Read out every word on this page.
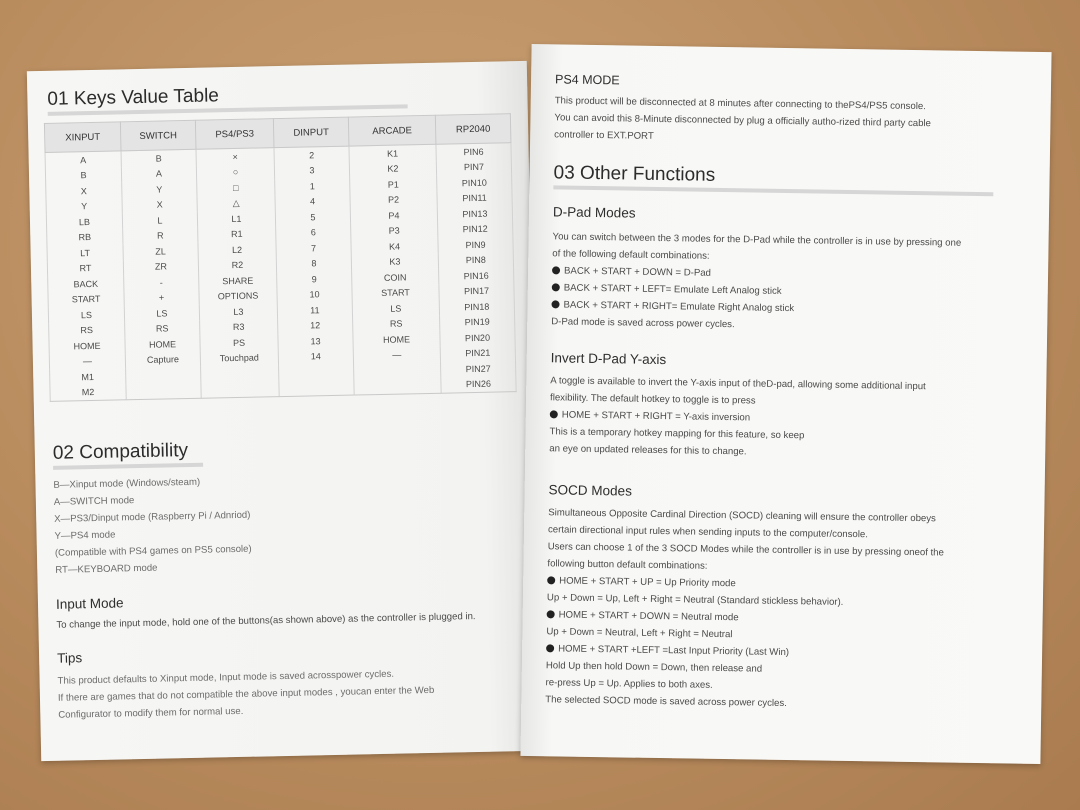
01 Keys Value Table
XINPUT	SWITCH	PS4/PS3	DINPUT	ARCADE	RP2040
A	B	×	2	K1	PIN6
B	A	○	3	K2	PIN7
X	Y	□	1	P1	PIN10
Y	X	△	4	P2	PIN11
LB	L	L1	5	P4	PIN13
RB	R	R1	6	P3	PIN12
LT	ZL	L2	7	K4	PIN9
RT	ZR	R2	8	K3	PIN8
BACK	-	SHARE	9	COIN	PIN16
START	+	OPTIONS	10	START	PIN17
LS	LS	L3	11	LS	PIN18
RS	RS	R3	12	RS	PIN19
HOME	HOME	PS	13	HOME	PIN20
—	Capture	Touchpad	14	—	PIN21
M1					PIN27
M2					PIN26
02 Compatibility
B—Xinput mode (Windows/steam)
A—SWITCH mode
X—PS3/Dinput mode (Raspberry Pi / Adnriod)
Y—PS4 mode
(Compatible with PS4 games on PS5 console)
RT—KEYBOARD mode
Input Mode
To change the input mode, hold one of the buttons(as shown above) as the controller is plugged in.
Tips
This product defaults to Xinput mode, Input mode is saved acrosspower cycles.
If there are games that do not compatible the above input modes , youcan enter the Web
Configurator to modify them for normal use.
PS4 MODE
This product will be disconnected at 8 minutes after connecting to thePS4/PS5 console.
You can avoid this 8-Minute disconnected by plug a officially autho-rized third party cable
controller to EXT.PORT
03 Other Functions
D-Pad Modes
You can switch between the 3 modes for the D-Pad while the controller is in use by pressing one
of the following default combinations:
BACK + START + DOWN = D-Pad
BACK + START + LEFT= Emulate Left Analog stick
BACK + START + RIGHT= Emulate Right Analog stick
D-Pad mode is saved across power cycles.
Invert D-Pad Y-axis
A toggle is available to invert the Y-axis input of theD-pad, allowing some additional input
flexibility. The default hotkey to toggle is to press
HOME + START + RIGHT = Y-axis inversion
This is a temporary hotkey mapping for this feature, so keep
an eye on updated releases for this to change.
SOCD Modes
Simultaneous Opposite Cardinal Direction (SOCD) cleaning will ensure the controller obeys
certain directional input rules when sending inputs to the computer/console.
Users can choose 1 of the 3 SOCD Modes while the controller is in use by pressing oneof the
following button default combinations:
HOME + START + UP = Up Priority mode
Up + Down = Up, Left + Right = Neutral (Standard stickless behavior).
HOME + START + DOWN = Neutral mode
Up + Down = Neutral, Left + Right = Neutral
HOME + START +LEFT =Last Input Priority (Last Win)
Hold Up then hold Down = Down, then release and
re-press Up = Up. Applies to both axes.
The selected SOCD mode is saved across power cycles.
